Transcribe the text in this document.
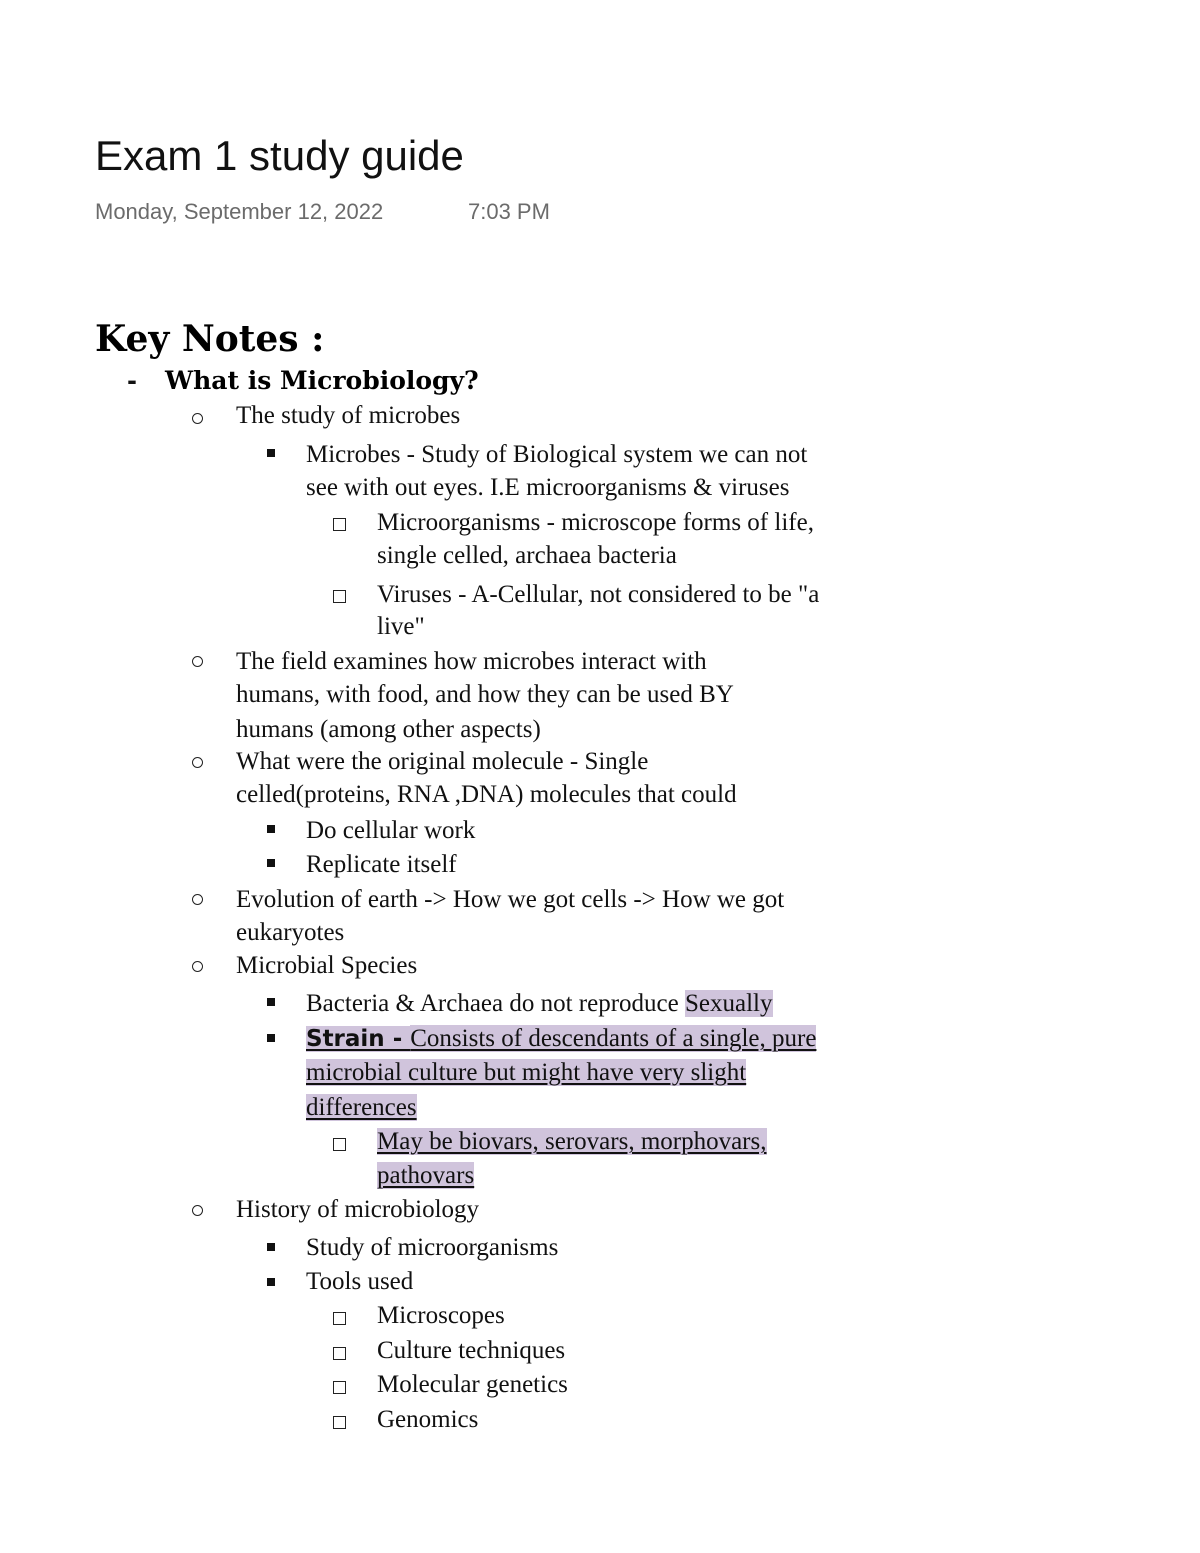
Exam 1 study guide
Monday, September 12, 2022	7:03 PM
Key Notes :
- What is Microbiology?
The study of microbes
Microbes - Study of Biological system we can not
see with out eyes. I.E microorganisms & viruses
Microorganisms - microscope forms of life,
single celled, archaea bacteria
Viruses - A-Cellular, not considered to be "a
live"
The field examines how microbes interact with
humans, with food, and how they can be used BY
humans (among other aspects)
What were the original molecule - Single
celled(proteins, RNA ,DNA) molecules that could
Do cellular work
Replicate itself
Evolution of earth -> How we got cells -> How we got
eukaryotes
Microbial Species
Bacteria & Archaea do not reproduce Sexually
Strain - Consists of descendants of a single, pure
microbial culture but might have very slight
differences
May be biovars, serovars, morphovars,
pathovars
History of microbiology
Study of microorganisms
Tools used
Microscopes
Culture techniques
Molecular genetics
Genomics
